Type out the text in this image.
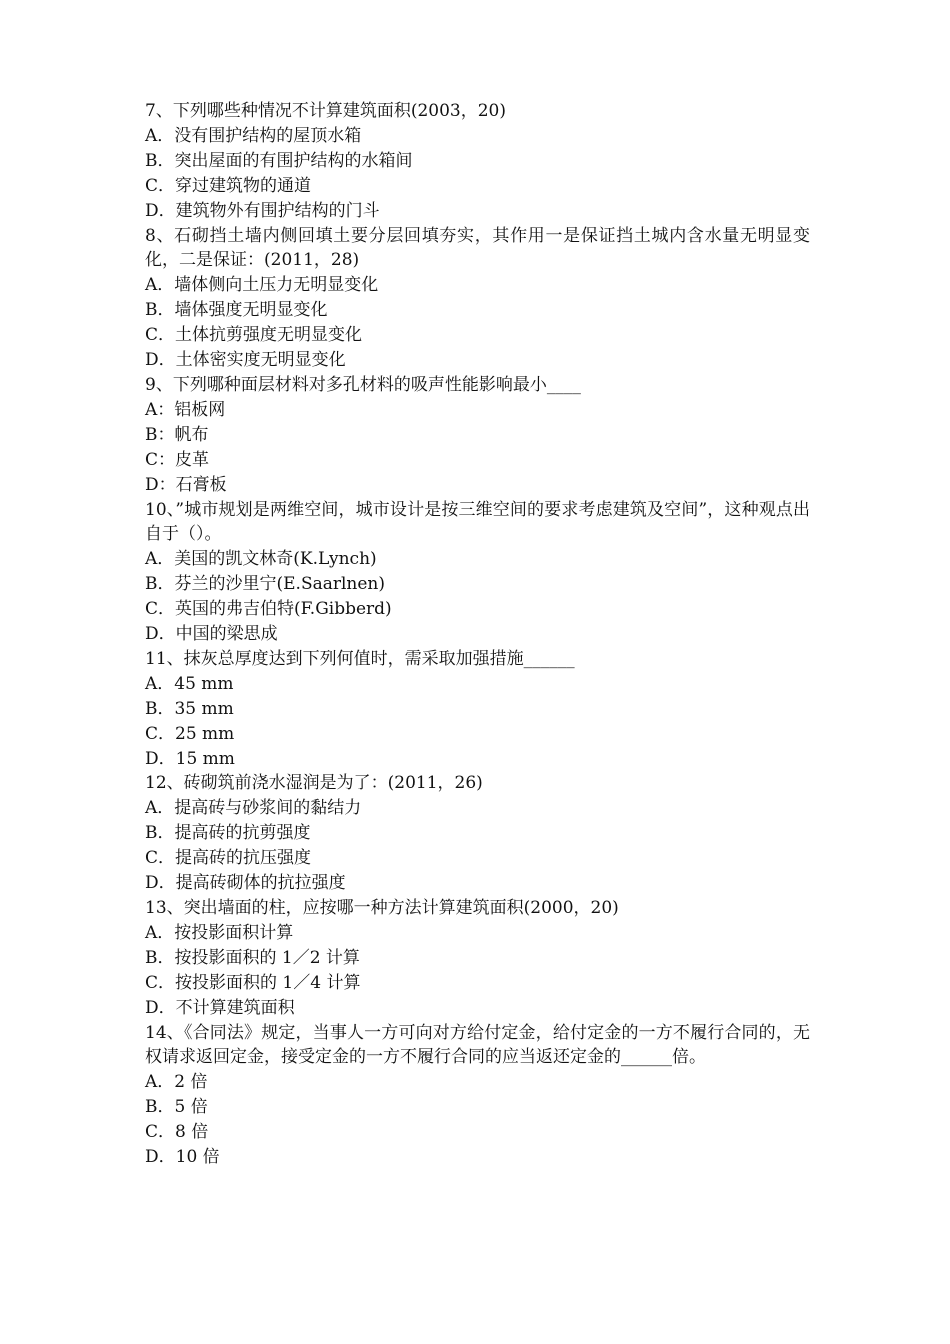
7、下列哪些种情况不计算建筑面积(2003，20)
A．没有围护结构的屋顶水箱
B．突出屋面的有围护结构的水箱间
C．穿过建筑物的通道
D．建筑物外有围护结构的门斗
8、石砌挡土墙内侧回填土要分层回填夯实，其作用一是保证挡土城内含水量无明显变化，二是保证：(2011，28)
A．墙体侧向土压力无明显变化
B．墙体强度无明显变化
C．土体抗剪强度无明显变化
D．土体密实度无明显变化
9、下列哪种面层材料对多孔材料的吸声性能影响最小____
A：铝板网
B：帆布
C：皮革
D：石膏板
10、”城市规划是两维空间，城市设计是按三维空间的要求考虑建筑及空间”，这种观点出自于（）。
A．美国的凯文林奇(K.Lynch)
B．芬兰的沙里宁(E.Saarlnen)
C．英国的弗吉伯特(F.Gibberd)
D．中国的梁思成
11、抹灰总厚度达到下列何值时，需采取加强措施______
A．45 mm
B．35 mm
C．25 mm
D．15 mm
12、砖砌筑前浇水湿润是为了：(2011，26)
A．提高砖与砂浆间的黏结力
B．提高砖的抗剪强度
C．提高砖的抗压强度
D．提高砖砌体的抗拉强度
13、突出墙面的柱，应按哪一种方法计算建筑面积(2000，20)
A．按投影面积计算
B．按投影面积的 1／2 计算
C．按投影面积的 1／4 计算
D．不计算建筑面积
14、《合同法》规定，当事人一方可向对方给付定金，给付定金的一方不履行合同的，无权请求返回定金，接受定金的一方不履行合同的应当返还定金的______倍。
A．2 倍
B．5 倍
C．8 倍
D．10 倍
